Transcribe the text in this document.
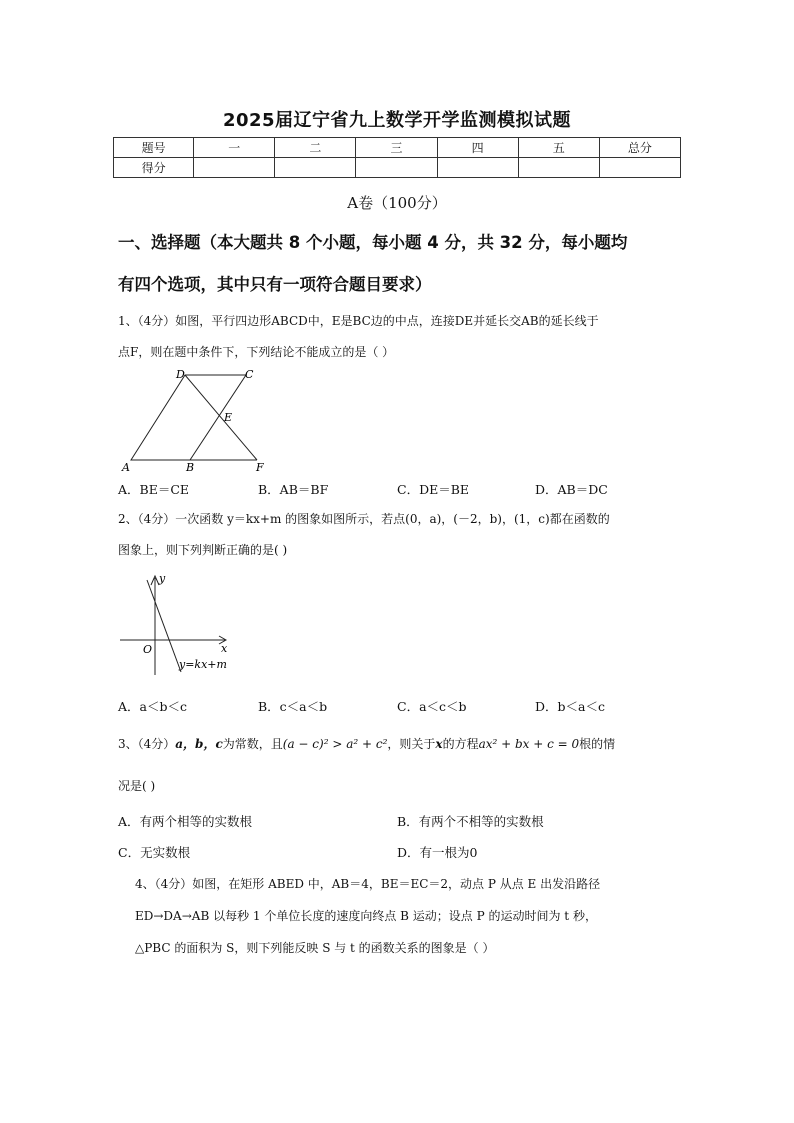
2025届辽宁省九上数学开学监测模拟试题
题号	一	二	三	四	五	总分
得分						
A卷（100分）
一、选择题（本大题共 8 个小题，每小题 4 分，共 32 分，每小题均
有四个选项，其中只有一项符合题目要求）
1、（4分）如图，平行四边形ABCD中，E是BC边的中点，连接DE并延长交AB的延长线于
点F，则在题中条件下，下列结论不能成立的是（ ）
D	C
E
A	B	F
A．BE＝CE	B．AB＝BF	C．DE＝BE	D．AB＝DC
2、（4分）一次函数 y＝kx+m 的图象如图所示，若点(0，a)，(－2，b)，(1，c)都在函数的
图象上，则下列判断正确的是( )
y
x
O
y=kx+m
A．a＜b＜c	B．c＜a＜b	C．a＜c＜b	D．b＜a＜c
3、（4分）a，b，c为常数，且(a − c)² > a² + c²，则关于x的方程ax² + bx + c = 0根的情
况是( )
A．有两个相等的实数根	B．有两个不相等的实数根
C．无实数根	D．有一根为0
4、（4分）如图，在矩形 ABED 中，AB＝4，BE＝EC＝2，动点 P 从点 E 出发沿路径
ED→DA→AB 以每秒 1 个单位长度的速度向终点 B 运动；设点 P 的运动时间为 t 秒，
△PBC 的面积为 S，则下列能反映 S 与 t 的函数关系的图象是（ ）
